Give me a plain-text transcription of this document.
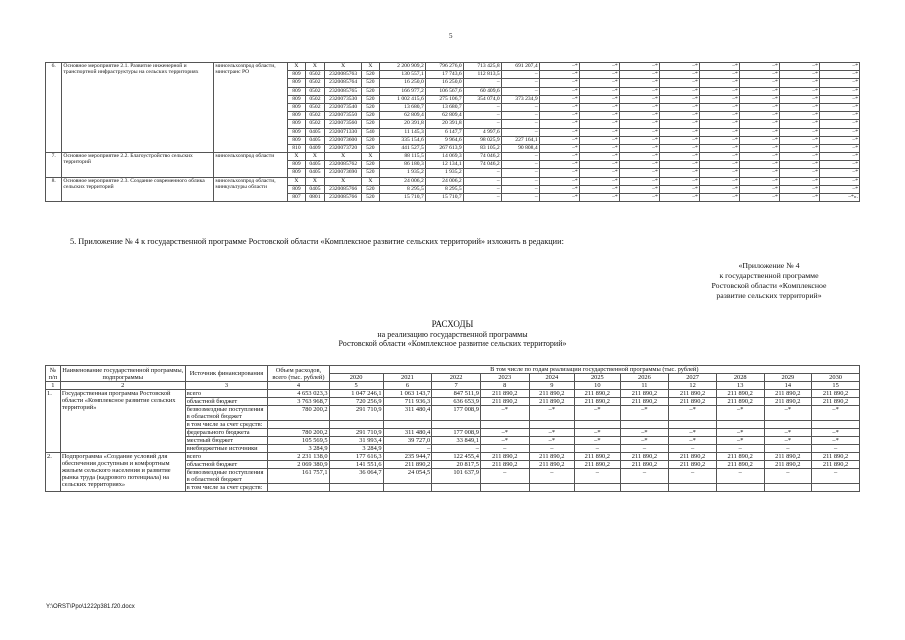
5
6.	Основное мероприятие 2.1. Развитие инженерной и транспортной инфраструктуры на сельских территориях	минсельхозпрод области, минстранс РО	Х	Х	Х	Х	2 200 909,2	796 276,0	713 425,8	691 207,4	–*	–*	–*	–*	–*	–*	–*	–*
			809	0502	2320085763	520	130 557,1	17 743,6	112 813,5	–	–*	–*	–*	–*	–*	–*	–*	–*
			809	0502	2320085764	520	16 250,0	16 250,0	–	–	–*	–*	–*	–*	–*	–*	–*	–*
			809	0502	2320085765	520	166 977,2	106 567,6	60 409,6	–	–*	–*	–*	–*	–*	–*	–*	–*
			809	0502	2320073530	520	1 002 415,6	275 106,7	354 074,0	373 234,9	–*	–*	–*	–*	–*	–*	–*	–*
			809	0502	2320073540	520	13 680,7	13 680,7	–	–	–*	–*	–*	–*	–*	–*	–*	–*
			809	0502	2320073550	520	62 809,4	62 809,4	–	–	–*	–*	–*	–*	–*	–*	–*	–*
			809	0502	2320073560	520	20 391,8	20 391,8	–	–	–*	–*	–*	–*	–*	–*	–*	–*
			809	0405	2320071330	540	11 145,3	6 147,7	4 997,6	–	–*	–*	–*	–*	–*	–*	–*	–*
			809	0405	2320073600	520	335 154,6	9 964,6	98 025,9	227 164,1	–*	–*	–*	–*	–*	–*	–*	–*
			810	0409	2320073720	520	441 527,5	267 613,9	83 105,2	90 808,4	–*	–*	–*	–*	–*	–*	–*	–*
7.	Основное мероприятие 2.2. Благоустройство сельских территорий	минсельхозпрод области	Х	Х	Х	Х	88 115,5	14 069,3	74 046,2	–	–*	–*	–*	–*	–*	–*	–*	–*
			809	0405	2320085762	520	86 180,3	12 134,1	74 046,2	–	–*	–*	–*	–*	–*	–*	–*	–*
			809	0405	2320073690	520	1 935,2	1 935,2	–	–	–*	–*	–*	–*	–*	–*	–*	–*
8.	Основное мероприятие 2.3. Создание современного облика сельских территорий	минсельхозпрод области, минкультуры области	Х	Х	Х	Х	24 006,2	24 006,2	–	–	–*	–*	–*	–*	–*	–*	–*	–*
			809	0405	2320085766	520	8 295,5	8 295,5	–	–	–*	–*	–*	–*	–*	–*	–*	–*
			807	0801	2320085766	520	15 710,7	15 710,7	–	–	–*	–*	–*	–*	–*	–*	–*	–*».
5. Приложение № 4 к государственной программе Ростовской области «Комплексное развитие сельских территорий» изложить в редакции:
«Приложение № 4
к государственной программе
Ростовской области «Комплексное
развитие сельских территорий»
РАСХОДЫ
на реализацию государственной программы
Ростовской области «Комплексное развитие сельских территорий»
№ п/п	Наименование государственной программы, подпрограммы	Источник финансирования	Объем расходов, всего (тыс. рублей)	В том числе по годам реализации государственной программы (тыс. рублей)										
				2020	2021	2022	2023	2024	2025	2026	2027	2028	2029	2030
1	2	3	4	5	6	7	8	9	10	11	12	13	14	15
1.	Государственная программа Ростовской области «Комплексное развитие сельских территорий»	всего	4 653 023,3	1 047 246,1	1 063 143,7	847 511,9	211 890,2	211 890,2	211 890,2	211 890,2	211 890,2	211 890,2	211 890,2	211 890,2
		областной бюджет	3 763 968,7	720 256,9	711 936,3	636 653,9	211 890,2	211 890,2	211 890,2	211 890,2	211 890,2	211 890,2	211 890,2	211 890,2
		безвозмездные поступления в областной бюджет	780 200,2	291 710,9	311 480,4	177 008,9	–*	–*	–*	–*	–*	–*	–*	–*
		в том числе за счет средств:												
		федерального бюджета	780 200,2	291 710,9	311 480,4	177 008,9	–*	–*	–*	–*	–*	–*	–*	–*
		местный бюджет	105 569,5	31 993,4	39 727,0	33 849,1	–*	–*	–*	–*	–*	–*	–*	–*
		внебюджетные источники	3 284,9	3 284,9	–	–	–	–	–	–	–	–	–	–
2.	Подпрограмма «Создание условий для обеспечения доступным и комфортным жильем сельского населения и развитие рынка труда (кадрового потенциала) на сельских территориях»	всего	2 231 138,0	177 616,3	235 944,7	122 455,4	211 890,2	211 890,2	211 890,2	211 890,2	211 890,2	211 890,2	211 890,2	211 890,2
		областной бюджет	2 069 380,9	141 551,6	211 890,2	20 817,5	211 890,2	211 890,2	211 890,2	211 890,2	211 890,2	211 890,2	211 890,2	211 890,2
		безвозмездные поступления в областной бюджет	161 757,1	36 064,7	24 054,5	101 637,9	–	–	–	–	–	–	–	–
		в том числе за счет средств:												
Y:\ORST\Ppo\1222p381.f20.docx
